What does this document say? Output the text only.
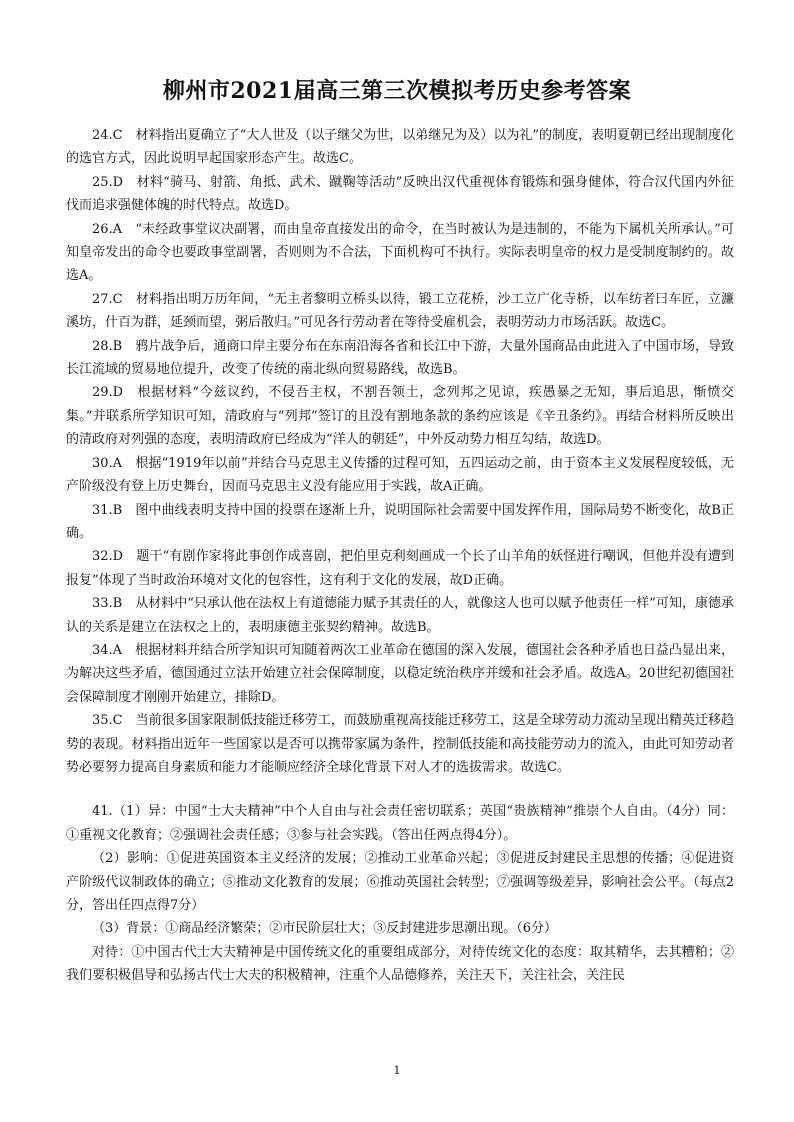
柳州市2021届高三第三次模拟考历史参考答案

24.C　材料指出夏确立了“大人世及（以子继父为世，以弟继兄为及）以为礼”的制度，表明夏朝已经出现制度化的选官方式，因此说明早起国家形态产生。故选C。

25.D　材料“骑马、射箭、角抵、武术、蹴鞠等活动”反映出汉代重视体育锻炼和强身健体，符合汉代国内外征伐而追求强健体魄的时代特点。故选D。

26.A　“未经政事堂议决副署，而由皇帝直接发出的命令，在当时被认为是违制的，不能为下属机关所承认。”可知皇帝发出的命令也要政事堂副署，否则则为不合法，下面机构可不执行。实际表明皇帝的权力是受制度制约的。故选A。

27.C　材料指出明万历年间，“无主者黎明立桥头以待，锻工立花桥，沙工立广化寺桥，以车纺者曰车匠，立濂溪坊，什百为群，延颈而望，粥后散归。”可见各行劳动者在等待受雇机会，表明劳动力市场活跃。故选C。

28.B　鸦片战争后，通商口岸主要分布在东南沿海各省和长江中下游，大量外国商品由此进入了中国市场，导致长江流域的贸易地位提升，改变了传统的南北纵向贸易路线，故选B。

29.D　根据材料“今兹议约，不侵吾主权，不割吾领土，念列邦之见谅，疾愚暴之无知，事后追思，惭愤交集。”并联系所学知识可知，清政府与“列邦”签订的且没有割地条款的条约应该是《辛丑条约》。再结合材料所反映出的清政府对列强的态度，表明清政府已经成为“洋人的朝廷”，中外反动势力相互勾结，故选D。

30.A　根据“1919年以前”并结合马克思主义传播的过程可知，五四运动之前，由于资本主义发展程度较低，无产阶级没有登上历史舞台，因而马克思主义没有能应用于实践，故A正确。

31.B　图中曲线表明支持中国的投票在逐渐上升，说明国际社会需要中国发挥作用，国际局势不断变化，故B正确。

32.D　题干“有剧作家将此事创作成喜剧，把伯里克利刻画成一个长了山羊角的妖怪进行嘲讽，但他并没有遭到报复”体现了当时政治环境对文化的包容性，这有利于文化的发展，故D正确。

33.B　从材料中“只承认他在法权上有道德能力赋予其责任的人，就像这人也可以赋予他责任一样”可知，康德承认的关系是建立在法权之上的，表明康德主张契约精神。故选B。

34.A　根据材料并结合所学知识可知随着两次工业革命在德国的深入发展，德国社会各种矛盾也日益凸显出来，为解决这些矛盾，德国通过立法开始建立社会保障制度，以稳定统治秩序并缓和社会矛盾。故选A。20世纪初德国社会保障制度才刚刚开始建立，排除D。

35.C　当前很多国家限制低技能迁移劳工，而鼓励重视高技能迁移劳工，这是全球劳动力流动呈现出精英迁移趋势的表现。材料指出近年一些国家以是否可以携带家属为条件，控制低技能和高技能劳动力的流入，由此可知劳动者势必要努力提高自身素质和能力才能顺应经济全球化背景下对人才的选拔需求。故选C。

41.（1）异：中国“士大夫精神”中个人自由与社会责任密切联系；英国“贵族精神”推崇个人自由。（4分）同：①重视文化教育；②强调社会责任感；③参与社会实践。（答出任两点得4分）。

（2）影响：①促进英国资本主义经济的发展；②推动工业革命兴起；③促进反封建民主思想的传播；④促进资产阶级代议制政体的确立；⑤推动文化教育的发展；⑥推动英国社会转型；⑦强调等级差异，影响社会公平。（每点2分，答出任四点得7分）

（3）背景：①商品经济繁荣；②市民阶层壮大；③反封建进步思潮出现。（6分）

对待：①中国古代士大夫精神是中国传统文化的重要组成部分，对待传统文化的态度：取其精华，去其糟粕；②我们要积极倡导和弘扬古代士大夫的积极精神，注重个人品德修养，关注天下，关注社会，关注民

1
